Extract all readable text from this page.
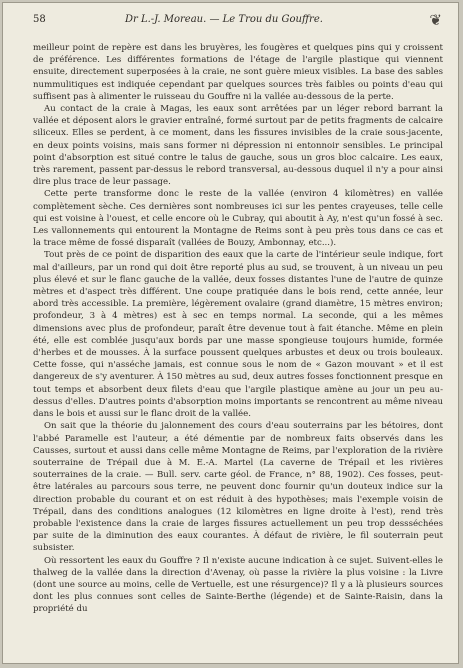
58	Dr L.-J. Moreau. — Le Trou du Gouffre.	❦

meilleur point de repère est dans les bruyères, les fougères et quelques pins qui y croissent de préférence. Les différentes formations de l'étage de l'argile plastique qui viennent ensuite, directement superposées à la craie, ne sont guère mieux visibles. La base des sables nummulitiques est indiquée cependant par quelques sources très faibles ou points d'eau qui suffisent pas à alimenter le ruisseau du Gouffre ni la vallée au-dessous de la perte.

Au contact de la craie à Magas, les eaux sont arrêtées par un léger rebord barrant la vallée et déposent alors le gravier entraîné, formé surtout par de petits fragments de calcaire siliceux. Elles se perdent, à ce moment, dans les fissures invisibles de la craie sous-jacente, en deux points voisins, mais sans former ni dépression ni entonnoir sensibles. Le principal point d'absorption est situé contre le talus de gauche, sous un gros bloc calcaire. Les eaux, très rarement, passent par-dessus le rebord transversal, au-dessous duquel il n'y a pour ainsi dire plus trace de leur passage.

Cette perte transforme donc le reste de la vallée (environ 4 kilomètres) en vallée complètement sèche. Ces dernières sont nombreuses ici sur les pentes crayeuses, telle celle qui est voisine à l'ouest, et celle encore où le Cubray, qui aboutit à Ay, n'est qu'un fossé à sec. Les vallonnements qui entourent la Montagne de Reims sont à peu près tous dans ce cas et la trace même de fossé disparaît (vallées de Bouzy, Ambonnay, etc...).

Tout près de ce point de disparition des eaux que la carte de l'intérieur seule indique, fort mal d'ailleurs, par un rond qui doit être reporté plus au sud, se trouvent, à un niveau un peu plus élevé et sur le flanc gauche de la vallée, deux fosses distantes l'une de l'autre de quinze mètres et d'aspect très différent. Une coupe pratiquée dans le bois rend, cette année, leur abord très accessible. La première, légèrement ovalaire (grand diamètre, 15 mètres environ; profondeur, 3 à 4 mètres) est à sec en temps normal. La seconde, qui a les mêmes dimensions avec plus de profondeur, paraît être devenue tout à fait étanche. Même en plein été, elle est comblée jusqu'aux bords par une masse spongieuse toujours humide, formée d'herbes et de mousses. À la surface poussent quelques arbustes et deux ou trois bouleaux. Cette fosse, qui n'asséche jamais, est connue sous le nom de « Gazon mouvant » et il est dangereux de s'y aventurer. À 150 mètres au sud, deux autres fosses fonctionnent presque en tout temps et absorbent deux filets d'eau que l'argile plastique amène au jour un peu au-dessus d'elles. D'autres points d'absorption moins importants se rencontrent au même niveau dans le bois et aussi sur le flanc droit de la vallée.

On sait que la théorie du jalonnement des cours d'eau souterrains par les bétoires, dont l'abbé Paramelle est l'auteur, a été démentie par de nombreux faits observés dans les Causses, surtout et aussi dans celle même Montagne de Reims, par l'exploration de la rivière souterraine de Trépail due à M. E.-A. Martel (La caverne de Trépail et les rivières souterraines de la craie. — Bull. serv. carte géol. de France, n° 88, 1902). Ces fosses, peut-être latérales au parcours sous terre, ne peuvent donc fournir qu'un douteux indice sur la direction probable du courant et on est réduit à des hypothèses; mais l'exemple voisin de Trépail, dans des conditions analogues (12 kilomètres en ligne droite à l'est), rend très probable l'existence dans la craie de larges fissures actuellement un peu trop dessséchées par suite de la diminution des eaux courantes. À défaut de rivière, le fil souterrain peut subsister.

Où ressortent les eaux du Gouffre ? Il n'existe aucune indication à ce sujet. Suivent-elles le thalweg de la vallée dans la direction d'Avenay, où passe la rivière la plus voisine : la Livre (dont une source au moins, celle de Vertuelle, est une résurgence)? Il y a là plusieurs sources dont les plus connues sont celles de Sainte-Berthe (légende) et de Sainte-Raisin, dans la propriété du
